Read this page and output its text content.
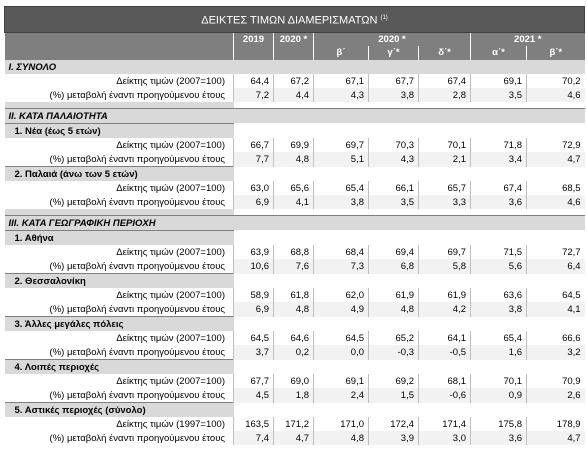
ΔΕΙΚΤΕΣ ΤΙΜΩΝ ΔΙΑΜΕΡΙΣΜΑΤΩΝ $^{(1)}$
	2019	2020 *	2020 *			2021 *	
			β΄	γ΄*	δ΄*	α΄*	β΄*
I. ΣΥΝΟΛΟ							
Δείκτης τιμών (2007=100)	64,4	67,2	67,1	67,7	67,4	69,1	70,2
(%) μεταβολή έναντι προηγούμενου έτους	7,2	4,4	4,3	3,8	2,8	3,5	4,6

II. ΚΑΤΑ ΠΑΛΑΙΟΤΗΤΑ							
1. Νέα (έως 5 ετών)							
Δείκτης τιμών (2007=100)	66,7	69,9	69,7	70,3	70,1	71,8	72,9
(%) μεταβολή έναντι προηγούμενου έτους	7,7	4,8	5,1	4,3	2,1	3,4	4,7
2. Παλαιά (άνω των 5 ετών)							
Δείκτης τιμών (2007=100)	63,0	65,6	65,4	66,1	65,7	67,4	68,5
(%) μεταβολή έναντι προηγούμενου έτους	6,9	4,1	3,8	3,5	3,3	3,6	4,6

III. ΚΑΤΑ ΓΕΩΓΡΑΦΙΚΗ ΠΕΡΙΟΧΗ							
1. Αθήνα							
Δείκτης τιμών (2007=100)	63,9	68,8	68,4	69,4	69,7	71,5	72,7
(%) μεταβολή έναντι προηγούμενου έτους	10,6	7,6	7,3	6,8	5,8	5,6	6,4
2. Θεσσαλονίκη							
Δείκτης τιμών (2007=100)	58,9	61,8	62,0	61,9	61,9	63,6	64,5
(%) μεταβολή έναντι προηγούμενου έτους	6,9	4,8	4,9	4,8	4,2	3,8	4,1
3. Άλλες μεγάλες πόλεις							
Δείκτης τιμών (2007=100)	64,5	64,6	64,5	65,2	64,1	65,4	66,6
(%) μεταβολή έναντι προηγούμενου έτους	3,7	0,2	0,0	-0,3	-0,5	1,6	3,2
4. Λοιπές περιοχές							
Δείκτης τιμών (2007=100)	67,7	69,0	69,1	69,2	68,1	70,1	70,9
(%) μεταβολή έναντι προηγούμενου έτους	4,5	1,8	2,4	1,5	-0,6	0,9	2,6
5. Αστικές περιοχές (σύνολο)							
Δείκτης τιμών (1997=100)	163,5	171,2	171,0	172,4	171,4	175,8	178,9
(%) μεταβολή έναντι προηγούμενου έτους	7,4	4,7	4,8	3,9	3,0	3,6	4,7
